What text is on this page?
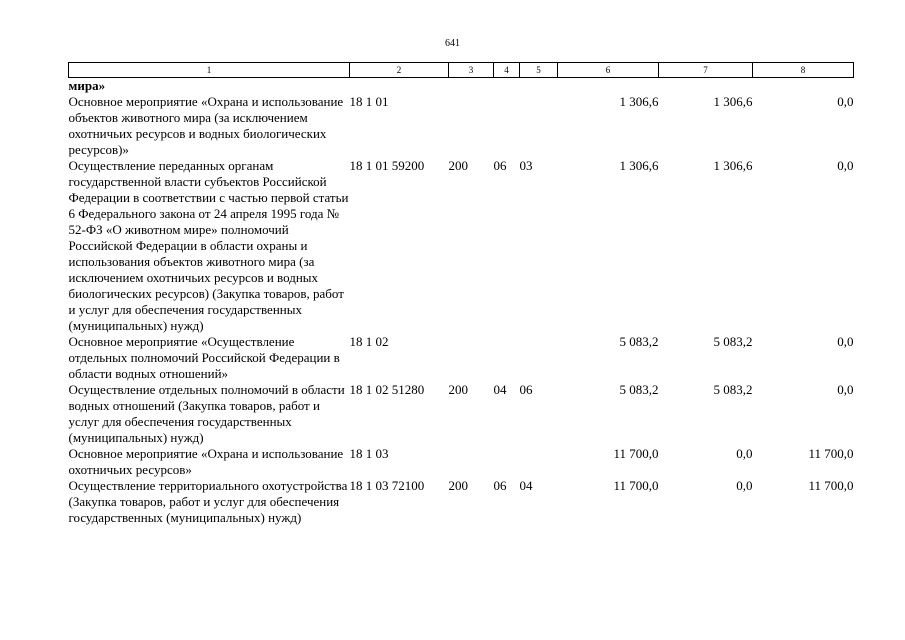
641
1	2	3	4	5	6	7	8
мира»							
Основное мероприятие «Охрана и использование объектов животного мира (за исключением охотничьих ресурсов и водных биологических ресурсов)»	18 1 01				1 306,6	1 306,6	0,0
Осуществление переданных органам государственной власти субъектов Российской Федерации в соответствии с частью первой статьи 6 Федерального закона от 24 апреля 1995 года № 52-ФЗ «О животном мире» полномочий Российской Федерации в области охраны и использования объектов животного мира (за исключением охотничьих ресурсов и водных биологических ресурсов) (Закупка товаров, работ и услуг для обеспечения государственных (муниципальных) нужд)	18 1 01 59200	200	06	03	1 306,6	1 306,6	0,0
Основное мероприятие «Осуществление отдельных полномочий Российской Федерации в области водных отношений»	18 1 02				5 083,2	5 083,2	0,0
Осуществление отдельных полномочий в области водных отношений (Закупка товаров, работ и услуг для обеспечения государственных (муниципальных) нужд)	18 1 02 51280	200	04	06	5 083,2	5 083,2	0,0
Основное мероприятие «Охрана и использование охотничьих ресурсов»	18 1 03				11 700,0	0,0	11 700,0
Осуществление территориального охотустройства (Закупка товаров, работ и услуг для обеспечения государственных (муниципальных) нужд)	18 1 03 72100	200	06	04	11 700,0	0,0	11 700,0
